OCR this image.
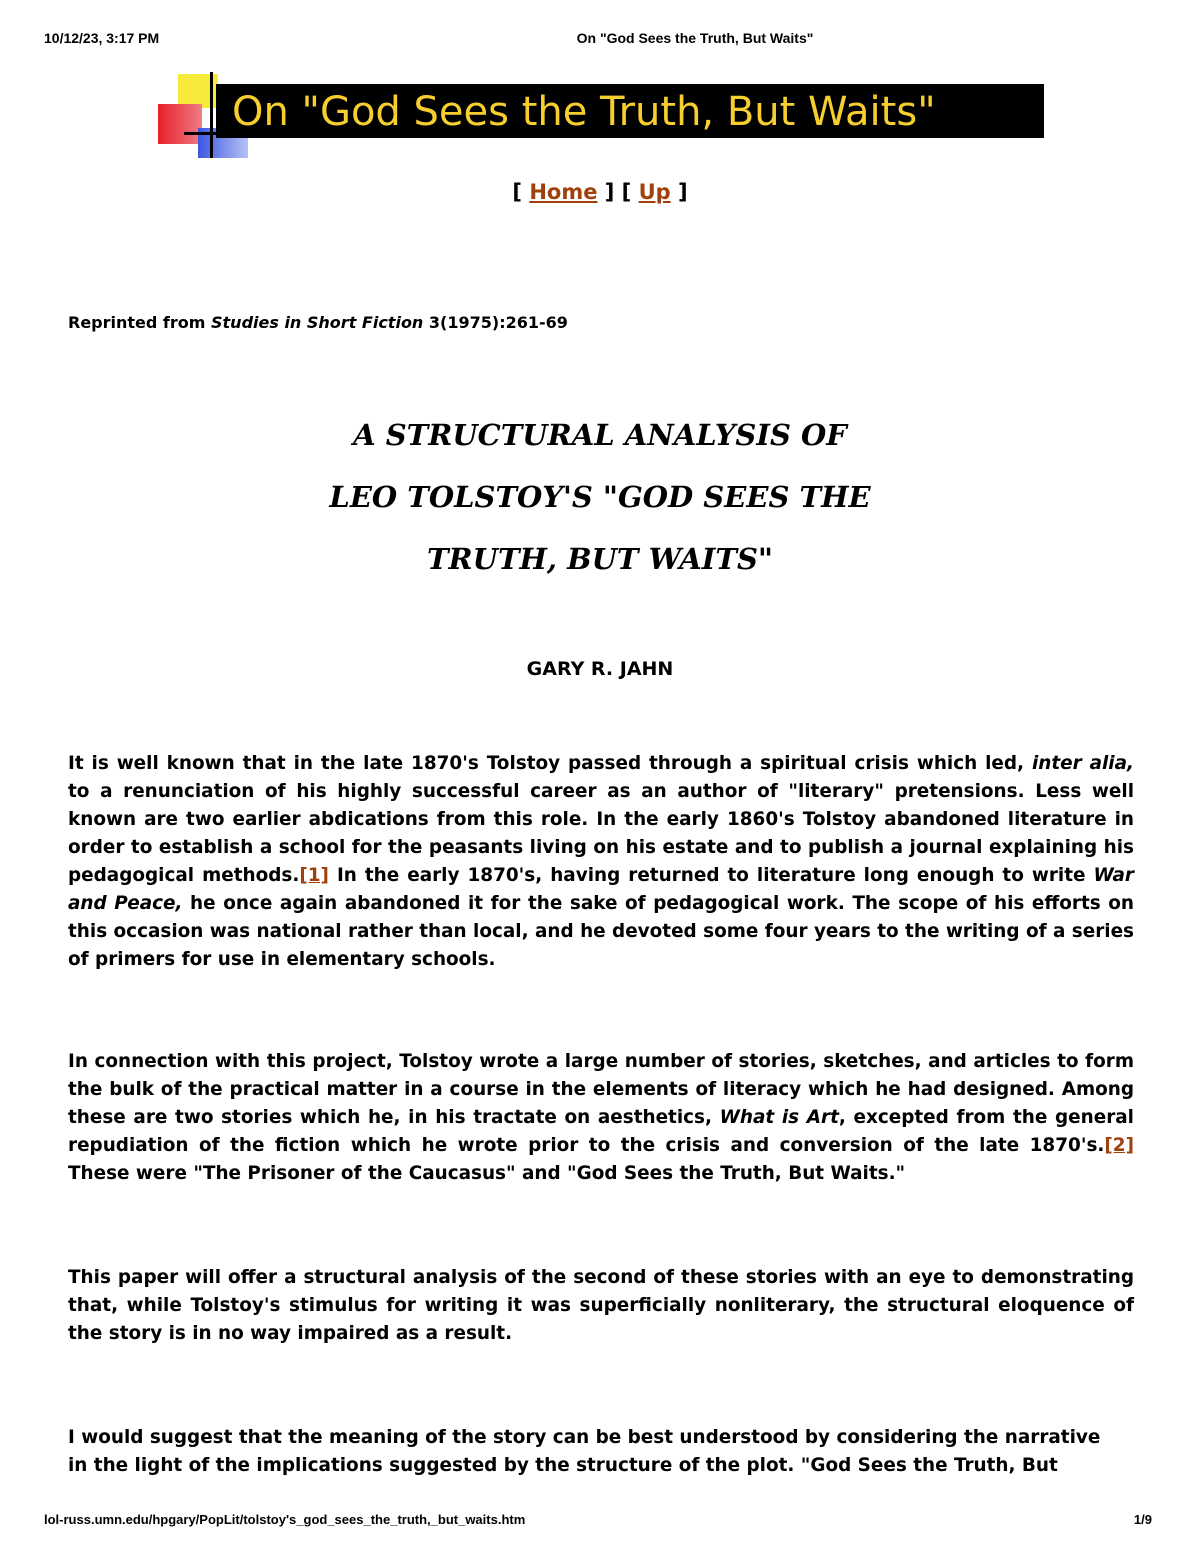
10/12/23, 3:17 PM	On "God Sees the Truth, But Waits"
On "God Sees the Truth, But Waits"
[ Home ] [ Up ]
Reprinted from Studies in Short Fiction 3(1975):261-69
A STRUCTURAL ANALYSIS OF
LEO TOLSTOY'S "GOD SEES THE
TRUTH, BUT WAITS"
GARY R. JAHN

It is well known that in the late 1870's Tolstoy passed through a spiritual crisis which led, inter alia, to a renunciation of his highly successful career as an author of "literary" pretensions. Less well known are two earlier abdications from this role. In the early 1860's Tolstoy abandoned literature in order to establish a school for the peasants living on his estate and to publish a journal explaining his pedagogical methods.[1] In the early 1870's, having returned to literature long enough to write War and Peace, he once again abandoned it for the sake of pedagogical work. The scope of his efforts on this occasion was national rather than local, and he devoted some four years to the writing of a series of primers for use in elementary schools.

In connection with this project, Tolstoy wrote a large number of stories, sketches, and articles to form the bulk of the practical matter in a course in the elements of literacy which he had designed. Among these are two stories which he, in his tractate on aesthetics, What is Art, excepted from the general repudiation of the fiction which he wrote prior to the crisis and conversion of the late 1870's.[2] These were "The Prisoner of the Caucasus" and "God Sees the Truth, But Waits."

This paper will offer a structural analysis of the second of these stories with an eye to demonstrating that, while Tolstoy's stimulus for writing it was superficially nonliterary, the structural eloquence of the story is in no way impaired as a result.

I would suggest that the meaning of the story can be best understood by considering the narrative in the light of the implications suggested by the structure of the plot. "God Sees the Truth, But

lol-russ.umn.edu/hpgary/PopLit/tolstoy's_god_sees_the_truth,_but_waits.htm	1/9
